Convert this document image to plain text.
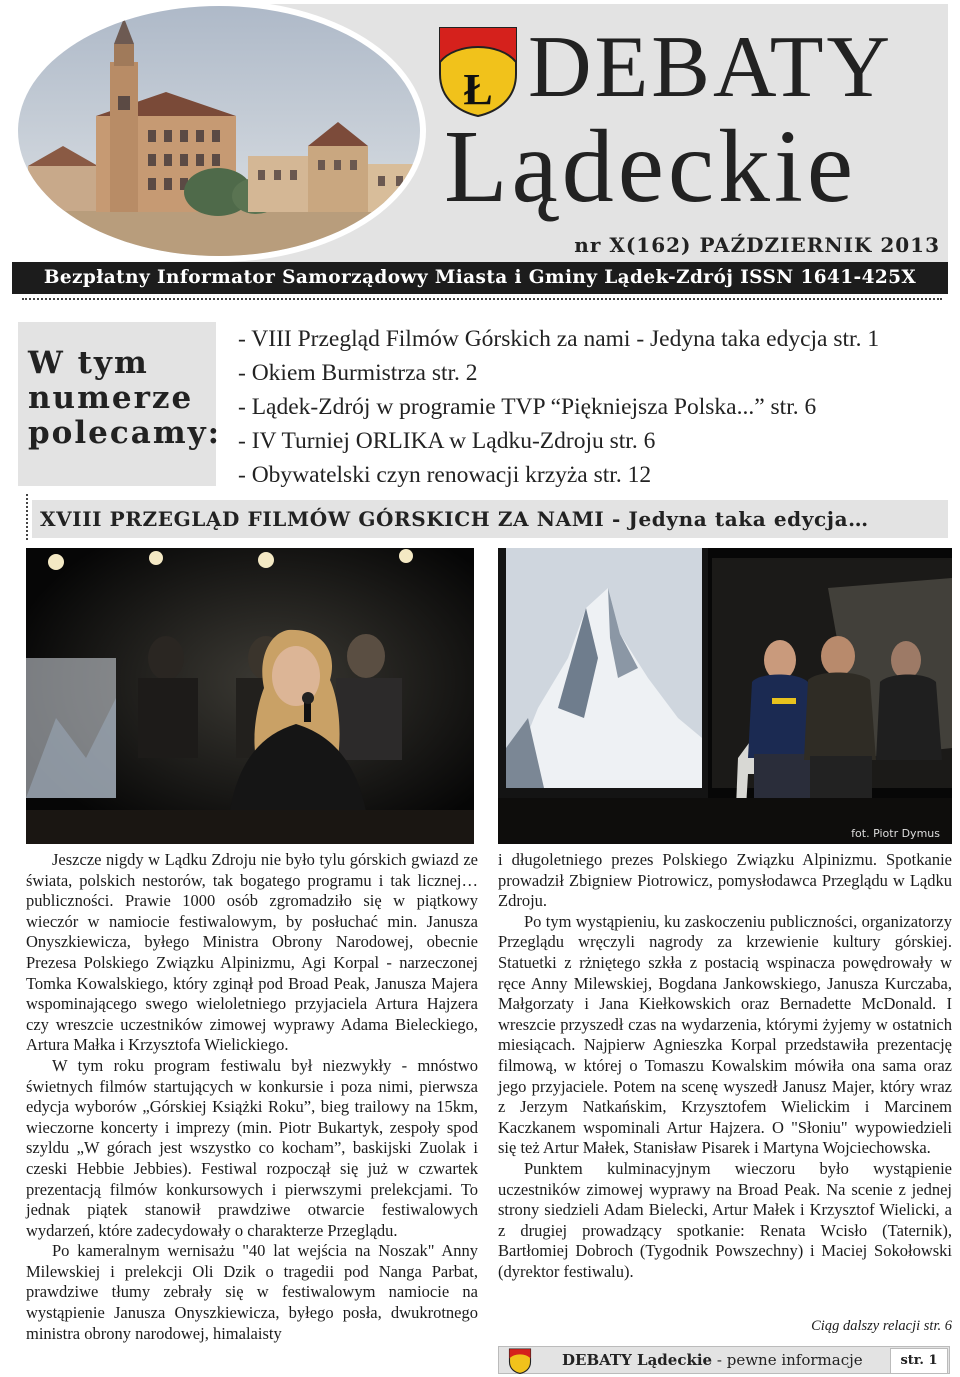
Ł DEBATY
Lądeckie
nr X(162) PAŹDZIERNIK 2013
Bezpłatny Informator Samorządowy Miasta i Gminy Lądek-Zdrój ISSN 1641-425X
W tym
numerze
polecamy:
- VIII Przegląd Filmów Górskich za nami - Jedyna taka edycja str. 1
- Okiem Burmistrza str. 2
- Lądek-Zdrój w programie TVP “Piękniejsza Polska...” str. 6
- IV Turniej ORLIKA w Lądku-Zdroju str. 6
- Obywatelski czyn renowacji krzyża str. 12
XVIII PRZEGLĄD FILMÓW GÓRSKICH ZA NAMI - Jedyna taka edycja…
fot. Piotr Dymus

Jeszcze nigdy w Lądku Zdroju nie było tylu górskich gwiazd ze świata, polskich nestorów, tak bogatego programu i tak licznej… publiczności. Prawie 1000 osób zgromadziło się w piątkowy wieczór w namiocie festiwalowym, by posłuchać min. Janusza Onyszkiewicza, byłego Ministra Obrony Narodowej, obecnie Prezesa Polskiego Związku Alpinizmu, Agi Korpal - narzeczonej Tomka Kowalskiego, który zginął pod Broad Peak, Janusza Majera wspominającego swego wieloletniego przyjaciela Artura Hajzera czy wreszcie uczestników zimowej wyprawy Adama Bieleckiego, Artura Małka i Krzysztofa Wielickiego.

W tym roku program festiwalu był niezwykły - mnóstwo świetnych filmów startujących w konkursie i poza nimi, pierwsza edycja wyborów „Górskiej Książki Roku”, bieg trailowy na 15km, wieczorne koncerty i imprezy (min. Piotr Bukartyk, zespoły spod szyldu „W górach jest wszystko co kocham”, baskijski Zuolak i czeski Hebbie Jebbies). Festiwal rozpoczął się już w czwartek prezentacją filmów konkursowych i pierwszymi prelekcjami. To jednak piątek stanowił prawdziwe otwarcie festiwalowych wydarzeń, które zadecydowały o charakterze Przeglądu.

Po kameralnym wernisażu "40 lat wejścia na Noszak" Anny Milewskiej i prelekcji Oli Dzik o tragedii pod Nanga Parbat, prawdziwe tłumy zebrały się w festiwalowym namiocie na wystąpienie Janusza Onyszkiewicza, byłego posła, dwukrotnego ministra obrony narodowej, himalaisty

i długoletniego prezes Polskiego Związku Alpinizmu. Spotkanie prowadził Zbigniew Piotrowicz, pomysłodawca Przeglądu w Lądku Zdroju.

Po tym wystąpieniu, ku zaskoczeniu publiczności, organizatorzy Przeglądu wręczyli nagrody za krzewienie kultury górskiej. Statuetki z rżniętego szkła z postacią wspinacza powędrowały w ręce Anny Milewskiej, Bogdana Jankowskiego, Janusza Kurczaba, Małgorzaty i Jana Kiełkowskich oraz Bernadette McDonald. I wreszcie przyszedł czas na wydarzenia, którymi żyjemy w ostatnich miesiącach. Najpierw Agnieszka Korpal przedstawiła prezentację filmową, w której o Tomaszu Kowalskim mówiła ona sama oraz jego przyjaciele. Potem na scenę wyszedł Janusz Majer, który wraz z Jerzym Natkańskim, Krzysztofem Wielickim i Marcinem Kaczkanem wspominali Artur Hajzera. O "Słoniu" wypowiedzieli się też Artur Małek, Stanisław Pisarek i Martyna Wojciechowska.

Punktem kulminacyjnym wieczoru było wystąpienie uczestników zimowej wyprawy na Broad Peak. Na scenie z jednej strony siedzieli Adam Bielecki, Artur Małek i Krzysztof Wielicki, a z drugiej prowadzący spotkanie: Renata Wcisło (Taternik), Bartłomiej Dobroch (Tygodnik Powszechny) i Maciej Sokołowski (dyrektor festiwalu).

Ciąg dalszy relacji str. 6
DEBATY Lądeckie - pewne informacje	str. 1
